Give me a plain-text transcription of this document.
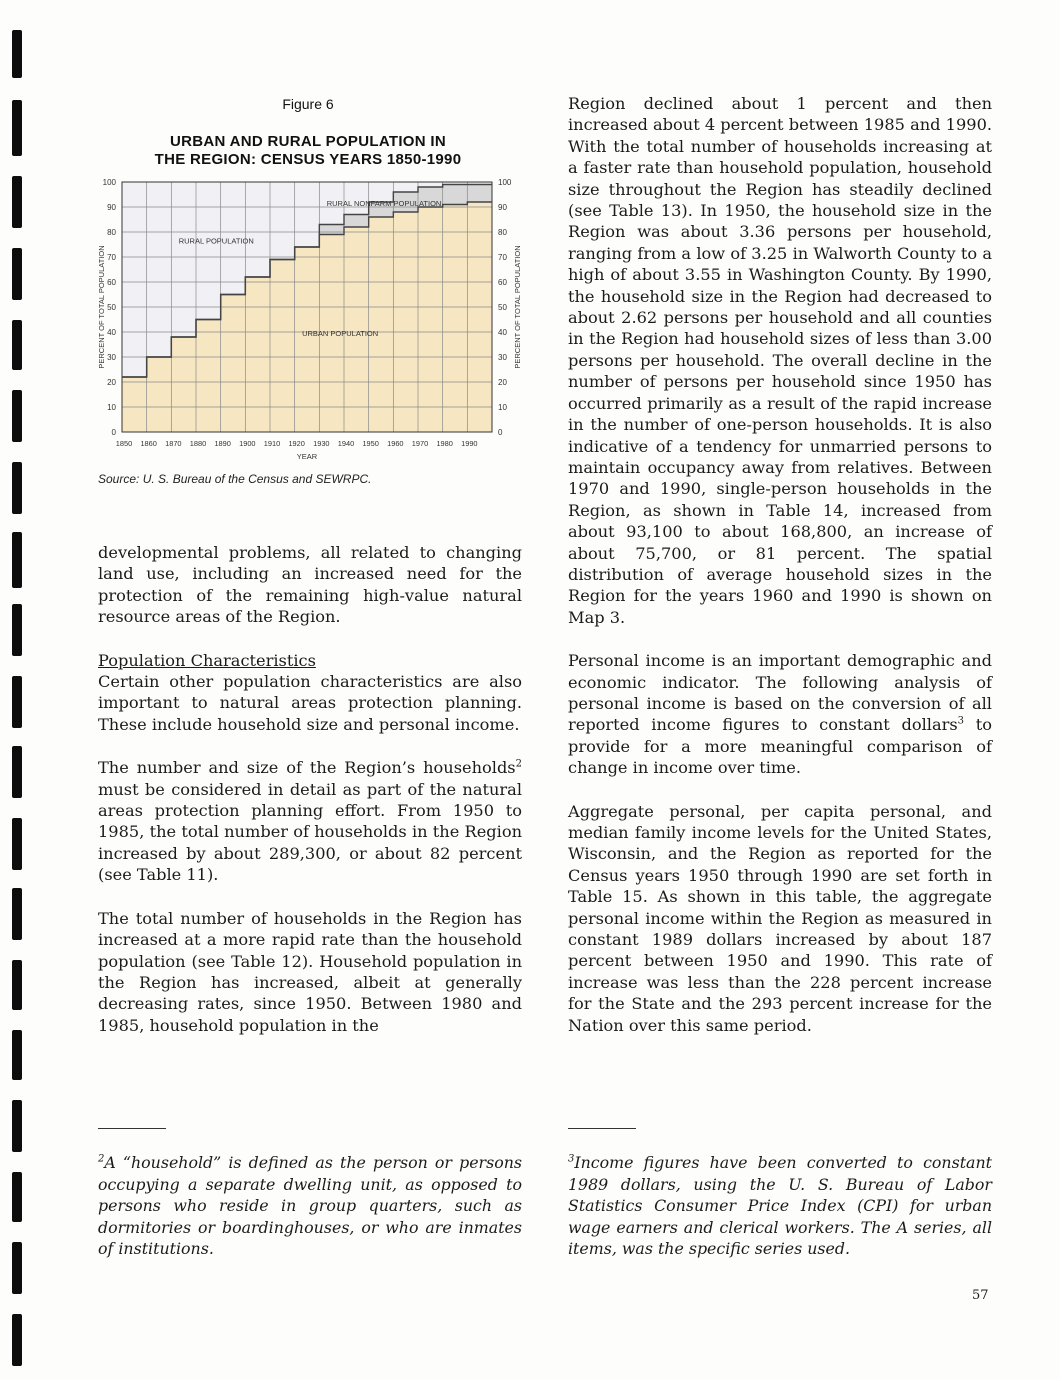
Figure 6
URBAN AND RURAL POPULATION IN
THE REGION: CENSUS YEARS 1850-1990
0	0
10	10
20	20
30	30
40	40
50	50
60	60
70	70
80	80
90	90
100	100
1850 1860 1870 1880 1890 1900 1910 1920 1930 1940 1950 1960 1970 1980 1990
YEAR
PERCENT OF TOTAL POPULATION	PERCENT OF TOTAL POPULATION
RURAL POPULATION
URBAN POPULATION
RURAL NONFARM POPULATION
Source: U. S. Bureau of the Census and SEWRPC.

developmental problems, all related to changing land use, including an increased need for the protection of the remaining high-value natural resource areas of the Region.

Population Characteristics

Certain other population characteristics are also important to natural areas protection planning. These include household size and personal income.

The number and size of the Region’s households$^2$ must be considered in detail as part of the natural areas protection planning effort. From 1950 to 1985, the total number of households in the Region increased by about 289,300, or about 82 percent (see Table 11).

The total number of households in the Region has increased at a more rapid rate than the household population (see Table 12). Household population in the Region has increased, albeit at generally decreasing rates, since 1950. Between 1980 and 1985, household population in the

Region declined about 1 percent and then increased about 4 percent between 1985 and 1990. With the total number of households increasing at a faster rate than household population, household size throughout the Region has steadily declined (see Table 13). In 1950, the household size in the Region was about 3.36 persons per household, ranging from a low of 3.25 in Walworth County to a high of about 3.55 in Washington County. By 1990, the household size in the Region had decreased to about 2.62 persons per household and all counties in the Region had household sizes of less than 3.00 persons per household. The overall decline in the number of persons per household since 1950 has occurred primarily as a result of the rapid increase in the number of one-person households. It is also indicative of a tendency for unmarried persons to maintain occupancy away from relatives. Between 1970 and 1990, single-person households in the Region, as shown in Table 14, increased from about 93,100 to about 168,800, an increase of about 75,700, or 81 percent. The spatial distribution of average household sizes in the Region for the years 1960 and 1990 is shown on Map 3.

Personal income is an important demographic and economic indicator. The following analysis of personal income is based on the conversion of all reported income figures to constant dollars$^3$ to provide for a more meaningful comparison of change in income over time.

Aggregate personal, per capita personal, and median family income levels for the United States, Wisconsin, and the Region as reported for the Census years 1950 through 1990 are set forth in Table 15. As shown in this table, the aggregate personal income within the Region as measured in constant 1989 dollars increased by about 187 percent between 1950 and 1990. This rate of increase was less than the 228 percent increase for the State and the 293 percent increase for the Nation over this same period.

$^2$A “household” is defined as the person or persons occupying a separate dwelling unit, as opposed to persons who reside in group quarters, such as dormitories or boardinghouses, or who are inmates of institutions.
$^3$Income figures have been converted to constant 1989 dollars, using the U. S. Bureau of Labor Statistics Consumer Price Index (CPI) for urban wage earners and clerical workers. The A series, all items, was the specific series used.
57
